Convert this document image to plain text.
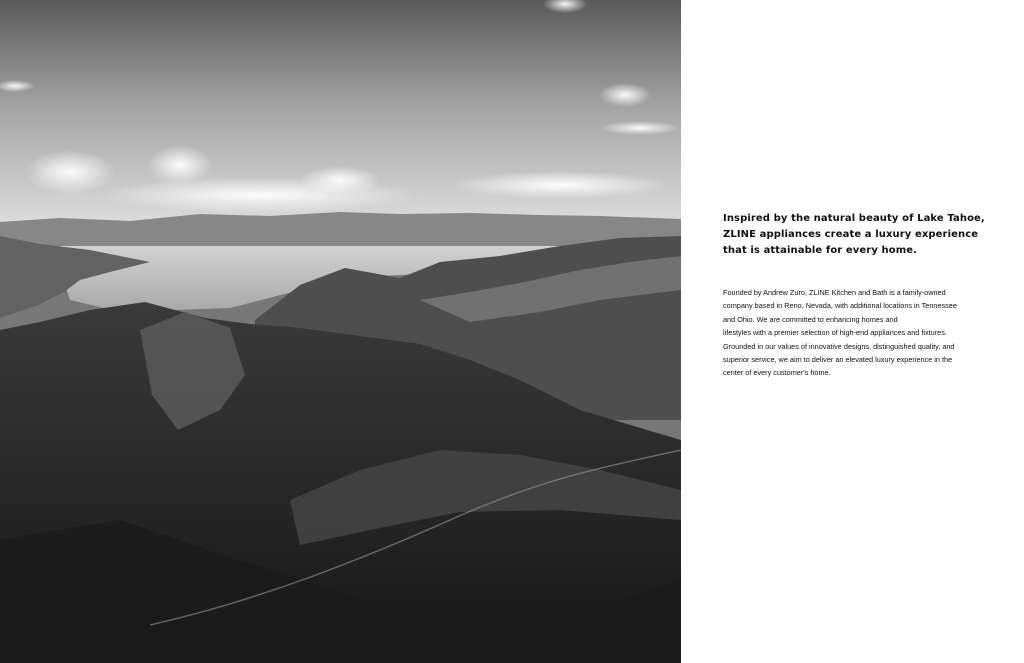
Inspired by the natural beauty of Lake Tahoe,
ZLINE appliances create a luxury experience
that is attainable for every home.

Founded by Andrew Zuro, ZLINE Kitchen and Bath is a family-owned
company based in Reno, Nevada, with additional locations in Tennessee
and Ohio. We are committed to enhancing homes and
lifestyles with a premier selection of high-end appliances and fixtures.
Grounded in our values of innovative designs, distinguished quality, and
superior service, we aim to deliver an elevated luxury experience in the
center of every customer's home.
